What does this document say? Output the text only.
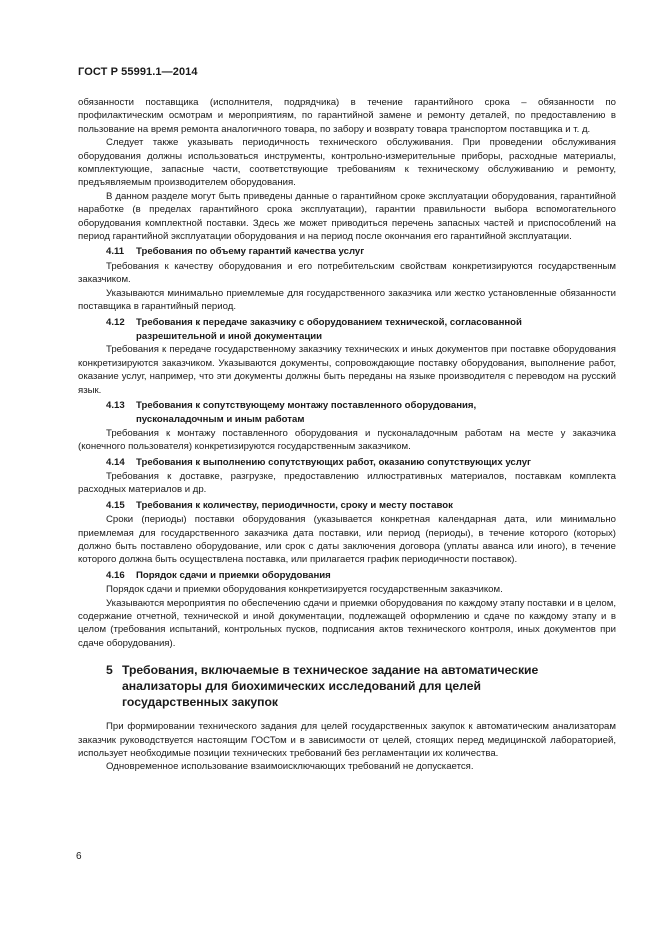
ГОСТ Р 55991.1—2014

обязанности поставщика (исполнителя, подрядчика) в течение гарантийного срока – обязанности по профилактическим осмотрам и мероприятиям, по гарантийной замене и ремонту деталей, по предоставлению в пользование на время ремонта аналогичного товара, по забору и возврату товара транспортом поставщика и т. д.

Следует также указывать периодичность технического обслуживания. При проведении обслуживания оборудования должны использоваться инструменты, контрольно-измерительные приборы, расходные материалы, комплектующие, запасные части, соответствующие требованиям к техническому обслуживанию и ремонту, предъявляемым производителем оборудования.

В данном разделе могут быть приведены данные о гарантийном сроке эксплуатации оборудования, гарантийной наработке (в пределах гарантийного срока эксплуатации), гарантии правильности выбора вспомогательного оборудования комплектной поставки. Здесь же может приводиться перечень запасных частей и приспособлений на период гарантийной эксплуатации оборудования и на период после окончания его гарантийной эксплуатации.

4.11 Требования по объему гарантий качества услуг

Требования к качеству оборудования и его потребительским свойствам конкретизируются государственным заказчиком.

Указываются минимально приемлемые для государственного заказчика или жестко установленные обязанности поставщика в гарантийный период.

4.12 Требования к передаче заказчику с оборудованием технической, согласованной
разрешительной и иной документации

Требования к передаче государственному заказчику технических и иных документов при поставке оборудования конкретизируются заказчиком. Указываются документы, сопровождающие поставку оборудования, выполнение работ, оказание услуг, например, что эти документы должны быть переданы на языке производителя с переводом на русский язык.

4.13 Требования к сопутствующему монтажу поставленного оборудования,
пусконаладочным и иным работам

Требования к монтажу поставленного оборудования и пусконаладочным работам на месте у заказчика (конечного пользователя) конкретизируются государственным заказчиком.

4.14 Требования к выполнению сопутствующих работ, оказанию сопутствующих услуг

Требования к доставке, разгрузке, предоставлению иллюстративных материалов, поставкам комплекта расходных материалов и др.

4.15 Требования к количеству, периодичности, сроку и месту поставок

Сроки (периоды) поставки оборудования (указывается конкретная календарная дата, или минимально приемлемая для государственного заказчика дата поставки, или период (периоды), в течение которого (которых) должно быть поставлено оборудование, или срок с даты заключения договора (уплаты аванса или иного), в течение которого должна быть осуществлена поставка, или прилагается график периодичности поставок).

4.16 Порядок сдачи и приемки оборудования

Порядок сдачи и приемки оборудования конкретизируется государственным заказчиком.

Указываются мероприятия по обеспечению сдачи и приемки оборудования по каждому этапу поставки и в целом, содержание отчетной, технической и иной документации, подлежащей оформлению и сдаче по каждому этапу и в целом (требования испытаний, контрольных пусков, подписания актов технического контроля, иных документов при сдаче оборудования).

5 Требования, включаемые в техническое задание на автоматические
анализаторы для биохимических исследований для целей
государственных закупок

При формировании технического задания для целей государственных закупок к автоматическим анализаторам заказчик руководствуется настоящим ГОСТом и в зависимости от целей, стоящих перед медицинской лабораторией, использует необходимые позиции технических требований без регламентации их количества.

Одновременное использование взаимоисключающих требований не допускается.

6
